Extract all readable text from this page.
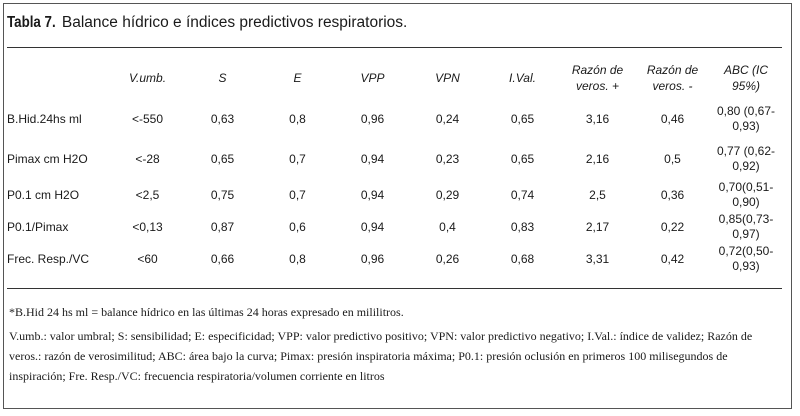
Tabla 7. Balance hídrico e índices predictivos respiratorios.
	V.umb.	S	E	VPP	VPN	I.Val.	Razón de veros. +	Razón de veros. -	ABC (IC 95%)
B.Hid.24hs ml	<-550	0,63	0,8	0,96	0,24	0,65	3,16	0,46	0,80 (0,67-0,93)
Pimax cm H2O	<-28	0,65	0,7	0,94	0,23	0,65	2,16	0,5	0,77 (0,62-0,92)
P0.1 cm H2O	<2,5	0,75	0,7	0,94	0,29	0,74	2,5	0,36	0,70(0,51-0,90)
P0.1/Pimax	<0,13	0,87	0,6	0,94	0,4	0,83	2,17	0,22	0,85(0,73-0,97)
Frec. Resp./VC	<60	0,66	0,8	0,96	0,26	0,68	3,31	0,42	0,72(0,50-0,93)

*B.Hid 24 hs ml = balance hídrico en las últimas 24 horas expresado en mililitros.

V.umb.: valor umbral; S: sensibilidad; E: especificidad; VPP: valor predictivo positivo; VPN: valor predictivo negativo; I.Val.: índice de validez; Razón de veros.: razón de verosimilitud; ABC: área bajo la curva; Pimax: presión inspiratoria máxima; P0.1: presión oclusión en primeros 100 milisegundos de inspiración; Fre. Resp./VC: frecuencia respiratoria/volumen corriente en litros
